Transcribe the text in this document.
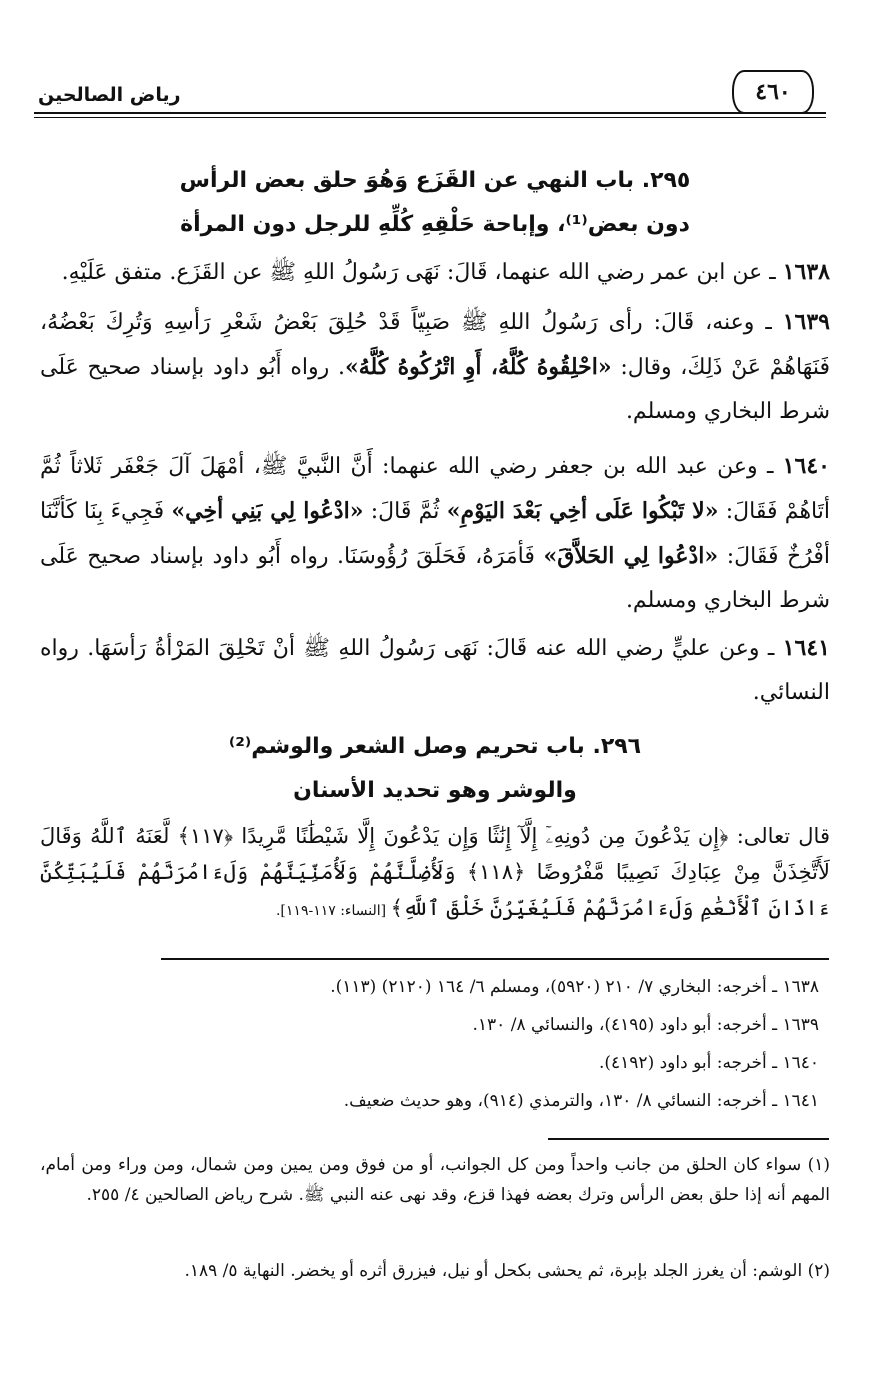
رياض الصالحين	٤٦٠
٢٩٥. باب النهي عن القَزَع وَهُوَ حلق بعض الرأس
دون بعض⁽¹⁾، وإباحة حَلْقِهِ كُلِّهِ للرجل دون المرأة
١٦٣٨ ـ عن ابن عمر رضي الله عنهما، قَالَ: نَهَى رَسُولُ اللهِ ﷺ عن القَزَع. متفق عَلَيْهِ.
١٦٣٩ ـ وعنه، قَالَ: رأى رَسُولُ اللهِ ﷺ صَبِيّاً قَدْ حُلِقَ بَعْضُ شَعْرِ رَأسِهِ وَتُرِكَ بَعْضُهُ، فَنَهَاهُمْ عَنْ ذَلِكَ، وقال: «احْلِقُوهُ كُلَّهُ، أَوِ اتْرُكُوهُ كُلَّهُ». رواه أَبُو داود بإسناد صحيح عَلَى شرط البخاري ومسلم.
١٦٤٠ ـ وعن عبد الله بن جعفر رضي الله عنهما: أَنَّ النَّبيَّ ﷺ، أمْهَلَ آلَ جَعْفَر ثَلاثاً ثُمَّ أتَاهُمْ فَقَالَ: «لا تَبْكُوا عَلَى أخِي بَعْدَ اليَوْمِ» ثُمَّ قَالَ: «ادْعُوا لِي بَنِي أخِي» فَجِيءَ بِنَا كَأنَّنَا أفْرُخٌ فَقَالَ: «ادْعُوا لِي الحَلاَّقَ» فَأمَرَهُ، فَحَلَقَ رُؤُوسَنَا. رواه أَبُو داود بإسناد صحيح عَلَى شرط البخاري ومسلم.
١٦٤١ ـ وعن عليٍّ رضي الله عنه قَالَ: نَهَى رَسُولُ اللهِ ﷺ أنْ تَحْلِقَ المَرْأةُ رَأسَهَا. رواه النسائي.
٢٩٦. باب تحريم وصل الشعر والوشم⁽²⁾
والوشر وهو تحديد الأسنان
قال تعالى: ﴿إِن يَدْعُونَ مِن دُونِهِۦٓ إِلَّآ إِنَٰثًا وَإِن يَدْعُونَ إِلَّا شَيْطَٰنًا مَّرِيدًا ﴿١١٧﴾ لَّعَنَهُ ٱللَّهُ وَقَالَ لَأَتَّخِذَنَّ مِنْ عِبَادِكَ نَصِيبًا مَّفْرُوضًا ﴿١١٨﴾ وَلَأُضِلَّنَّهُمْ وَلَأُمَنِّيَنَّهُمْ وَلَءَامُرَنَّهُمْ فَلَيُبَتِّكُنَّ ءَاذَانَ ٱلْأَنْعَٰمِ وَلَءَامُرَنَّهُمْ فَلَيُغَيِّرُنَّ خَلْقَ ٱللَّهِ﴾ [النساء: ١١٧-١١٩].
١٦٣٨ ـ أخرجه: البخاري ٧/ ٢١٠ (٥٩٢٠)، ومسلم ٦/ ١٦٤ (٢١٢٠) (١١٣).
١٦٣٩ ـ أخرجه: أبو داود (٤١٩٥)، والنسائي ٨/ ١٣٠.
١٦٤٠ ـ أخرجه: أبو داود (٤١٩٢).
١٦٤١ ـ أخرجه: النسائي ٨/ ١٣٠، والترمذي (٩١٤)، وهو حديث ضعيف.
(١) سواء كان الحلق من جانب واحداً ومن كل الجوانب، أو من فوق ومن يمين ومن شمال، ومن وراء ومن أمام، المهم أنه إذا حلق بعض الرأس وترك بعضه فهذا قزع، وقد نهى عنه النبي ﷺ. شرح رياض الصالحين ٤/ ٢٥٥.
(٢) الوشم: أن يغرز الجلد بإبرة، ثم يحشى بكحل أو نيل، فيزرق أثره أو يخضر. النهاية ٥/ ١٨٩.
